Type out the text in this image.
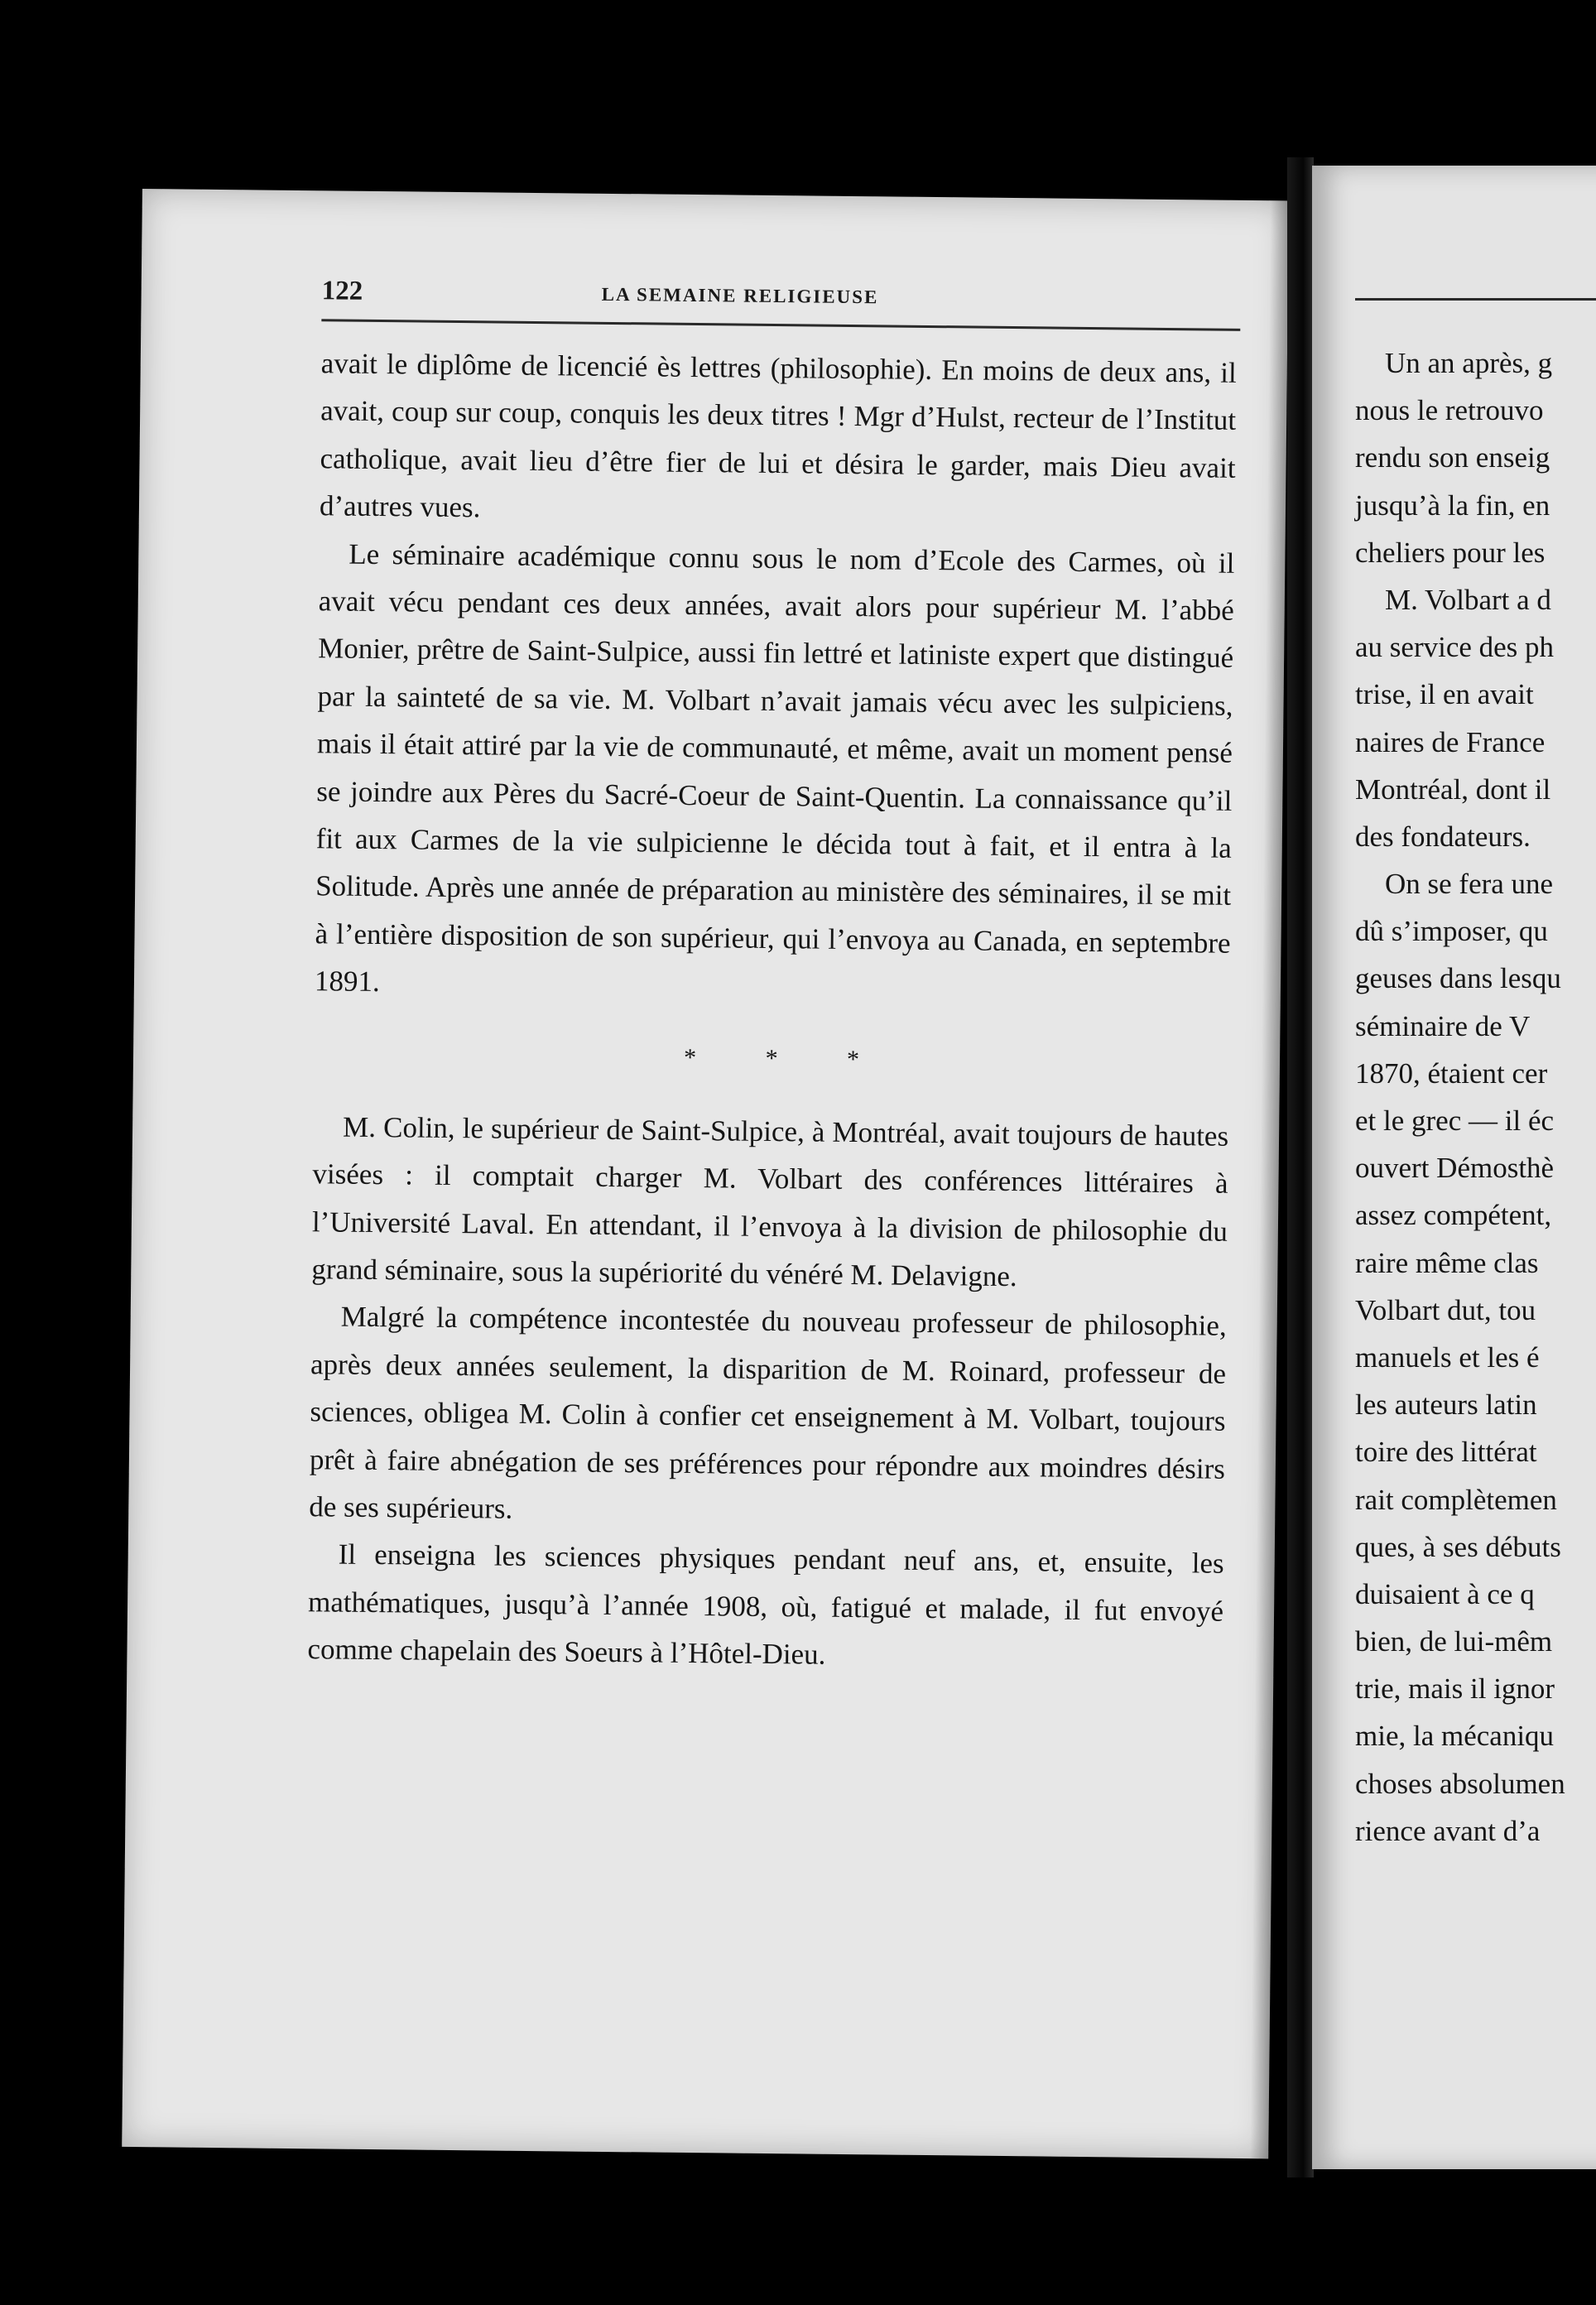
122	LA SEMAINE RELIGIEUSE

avait le diplôme de licencié ès lettres (philosophie). En moins de deux ans, il avait, coup sur coup, conquis les deux titres ! Mgr d’Hulst, recteur de l’Institut catholique, avait lieu d’être fier de lui et désira le garder, mais Dieu avait d’autres vues.

Le séminaire académique connu sous le nom d’Ecole des Carmes, où il avait vécu pendant ces deux années, avait alors pour supérieur M. l’abbé Monier, prêtre de Saint-Sulpice, aussi fin lettré et latiniste expert que distingué par la sainteté de sa vie. M. Volbart n’avait jamais vécu avec les sulpiciens, mais il était attiré par la vie de communauté, et même, avait un moment pensé se joindre aux Pères du Sacré-Coeur de Saint-Quentin. La connaissance qu’il fit aux Carmes de la vie sulpicienne le décida tout à fait, et il entra à la Solitude. Après une année de préparation au ministère des séminaires, il se mit à l’entière disposition de son supérieur, qui l’envoya au Canada, en septembre 1891.

* * *

M. Colin, le supérieur de Saint-Sulpice, à Montréal, avait toujours de hautes visées : il comptait charger M. Volbart des conférences littéraires à l’Université Laval. En attendant, il l’envoya à la division de philosophie du grand séminaire, sous la supériorité du vénéré M. Delavigne.

Malgré la compétence incontestée du nouveau professeur de philosophie, après deux années seulement, la disparition de M. Roinard, professeur de sciences, obligea M. Colin à confier cet enseignement à M. Volbart, toujours prêt à faire abnégation de ses préférences pour répondre aux moindres désirs de ses supérieurs.

Il enseigna les sciences physiques pendant neuf ans, et, ensuite, les mathématiques, jusqu’à l’année 1908, où, fatigué et malade, il fut envoyé comme chapelain des Soeurs à l’Hôtel-Dieu.

Un an après, g
nous le retrouvo
rendu son enseig
jusqu’à la fin, en
cheliers pour les
M. Volbart a d
au service des ph
trise, il en avait
naires de France
Montréal, dont il
des fondateurs.
On se fera une
dû s’imposer, qu
geuses dans lesqu
séminaire de V
1870, étaient cer
et le grec — il éc
ouvert Démosthè
assez compétent,
raire même clas
Volbart dut, tou
manuels et les é
les auteurs latin
toire des littérat
rait complètemen
ques, à ses débuts
duisaient à ce q
bien, de lui-mêm
trie, mais il ignor
mie, la mécaniqu
choses absolumen
rience avant d’a
